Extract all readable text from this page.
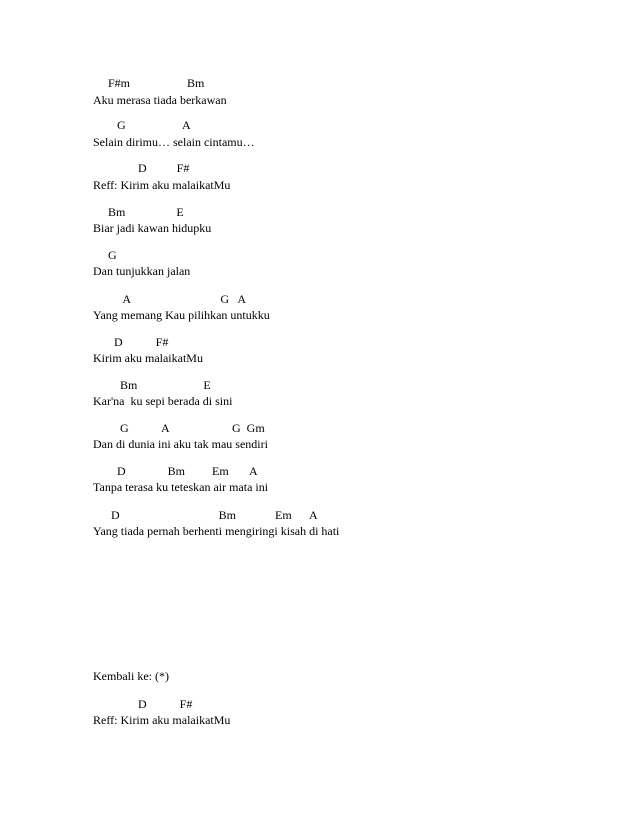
F#m                   Bm
Aku merasa tiada berkawan
G                   A
Selain dirimu… selain cintamu…
D          F#
Reff: Kirim aku malaikatMu
Bm                 E
Biar jadi kawan hidupku
G
Dan tunjukkan jalan
A                              G   A
Yang memang Kau pilihkan untukku
D           F#
Kirim aku malaikatMu
Bm                      E
Kar'na  ku sepi berada di sini
G           A                     G  Gm
Dan di dunia ini aku tak mau sendiri
D              Bm         Em       A
Tanpa terasa ku teteskan air mata ini
D                                 Bm             Em      A
Yang tiada pernah berhenti mengiringi kisah di hati
Kembali ke: (*)
D           F#
Reff: Kirim aku malaikatMu
